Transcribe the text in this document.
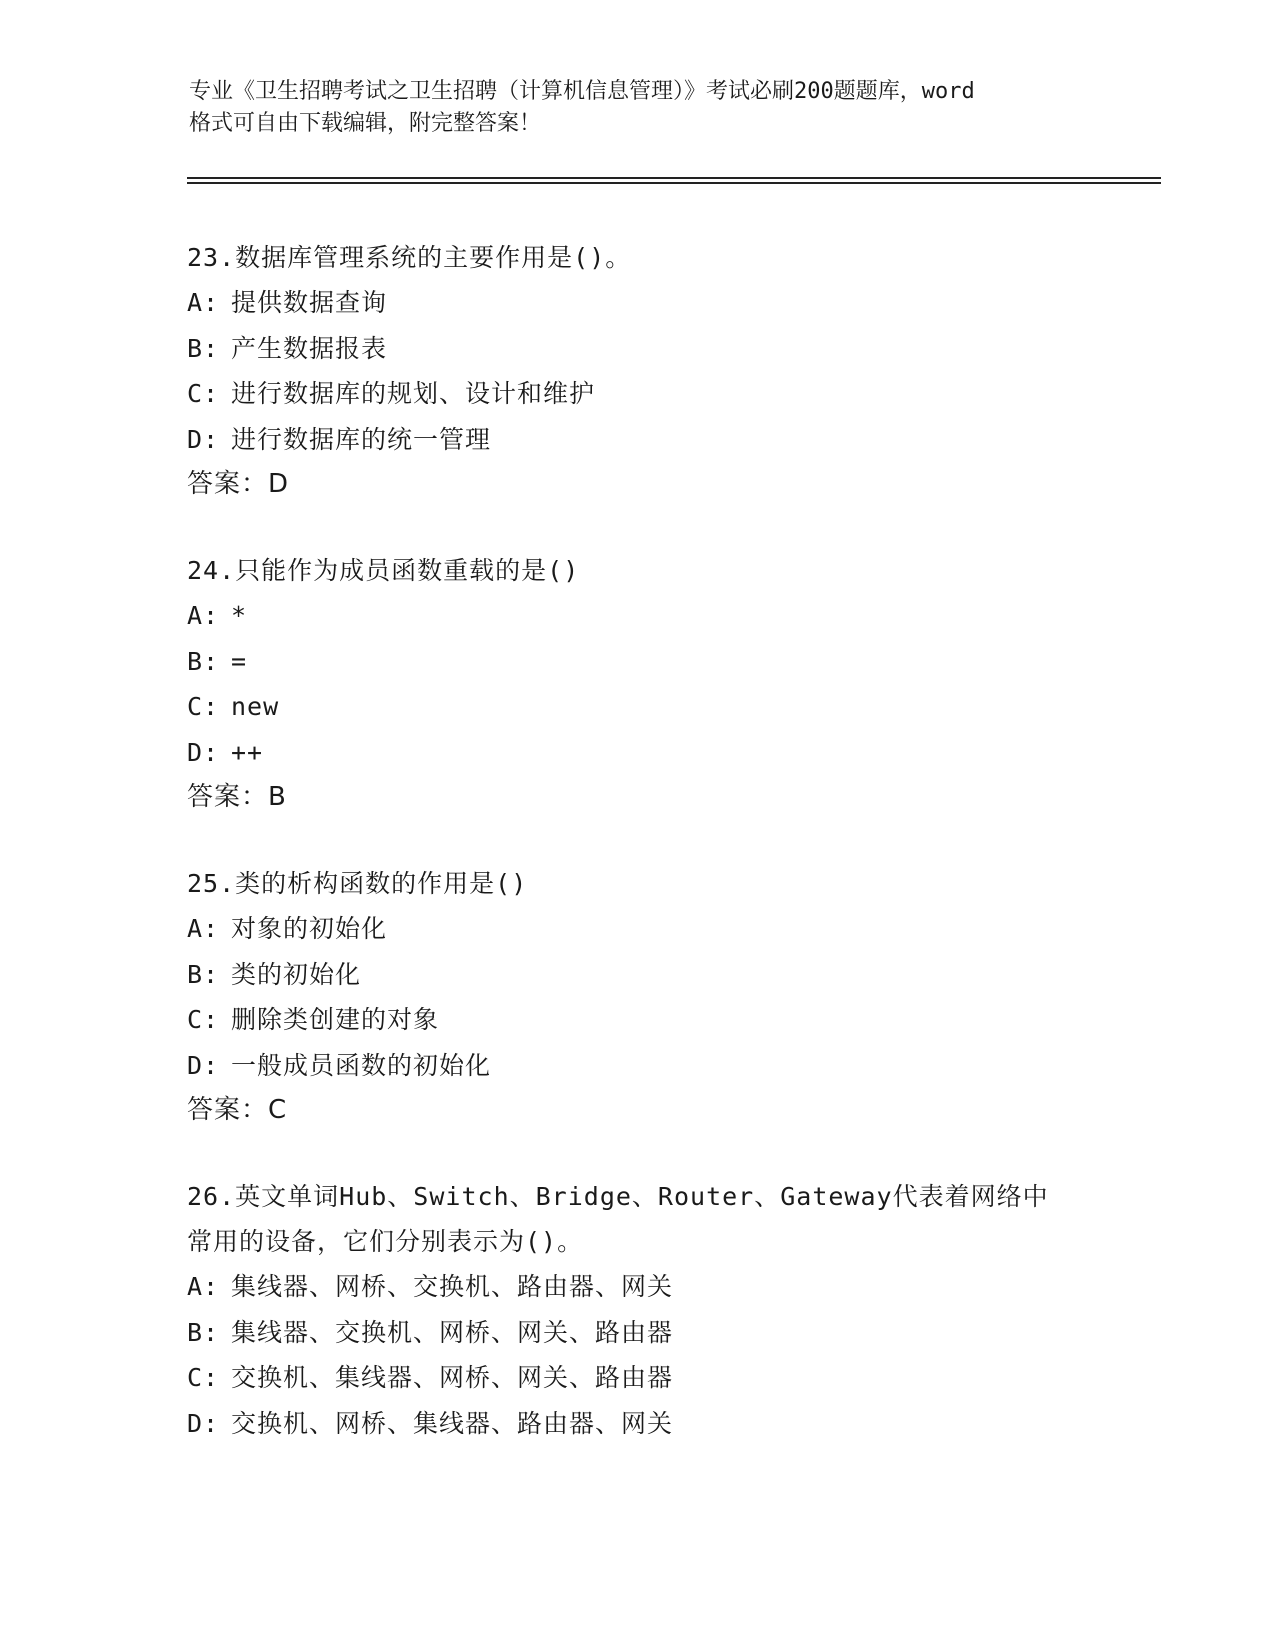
专业《卫生招聘考试之卫生招聘（计算机信息管理）》考试必刷200题题库，word
格式可自由下载编辑，附完整答案！
23.数据库管理系统的主要作用是()。
A: 提供数据查询
B: 产生数据报表
C: 进行数据库的规划、设计和维护
D: 进行数据库的统一管理
答案：D
24.只能作为成员函数重载的是()
A: *
B: =
C: new
D: ++
答案：B
25.类的析构函数的作用是()
A: 对象的初始化
B: 类的初始化
C: 删除类创建的对象
D: 一般成员函数的初始化
答案：C
26.英文单词Hub、Switch、Bridge、Router、Gateway代表着网络中
常用的设备，它们分别表示为()。
A: 集线器、网桥、交换机、路由器、网关
B: 集线器、交换机、网桥、网关、路由器
C: 交换机、集线器、网桥、网关、路由器
D: 交换机、网桥、集线器、路由器、网关
